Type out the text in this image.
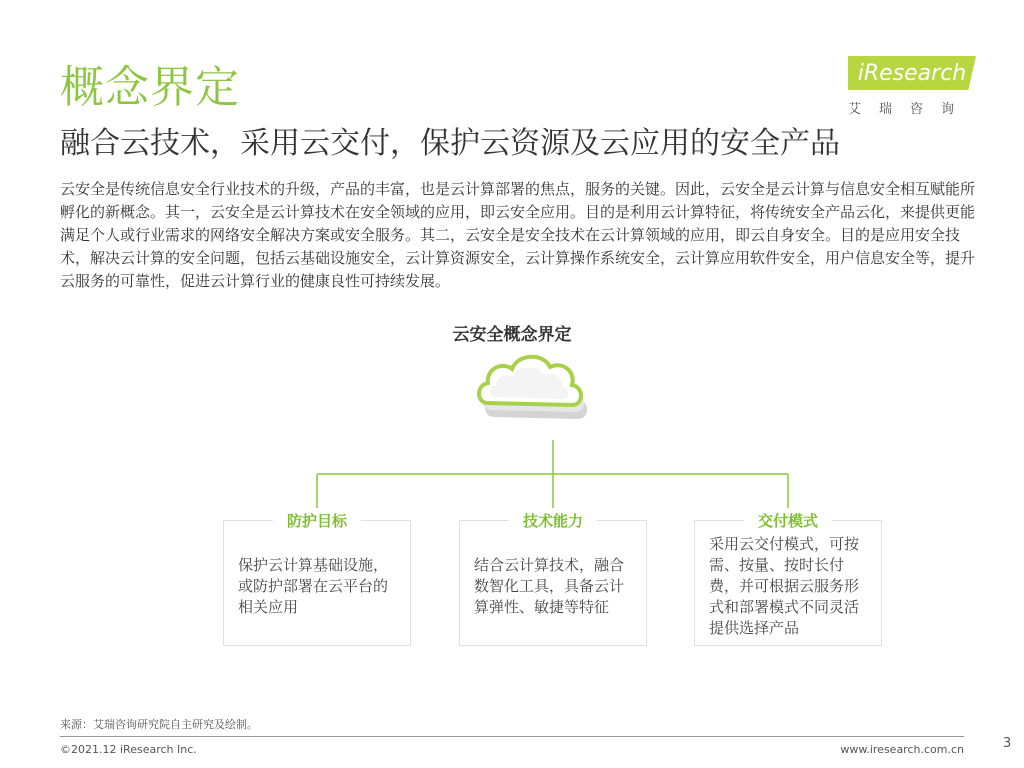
概念界定
融合云技术，采用云交付，保护云资源及云应用的安全产品
iResearch
艾瑞咨询

云安全是传统信息安全行业技术的升级，产品的丰富，也是云计算部署的焦点，服务的关键。因此，云安全是云计算与信息安全相互赋能所孵化的新概念。其一，云安全是云计算技术在安全领域的应用，即云安全应用。目的是利用云计算特征，将传统安全产品云化，来提供更能满足个人或行业需求的网络安全解决方案或安全服务。其二，云安全是安全技术在云计算领域的应用，即云自身安全。目的是应用安全技术，解决云计算的安全问题，包括云基础设施安全，云计算资源安全，云计算操作系统安全，云计算应用软件安全，用户信息安全等，提升云服务的可靠性，促进云计算行业的健康良性可持续发展。

云安全概念界定
防护目标
保护云计算基础设施，或防护部署在云平台的相关应用
技术能力
结合云计算技术，融合数智化工具，具备云计算弹性、敏捷等特征
交付模式
采用云交付模式，可按需、按量、按时长付费，并可根据云服务形式和部署模式不同灵活提供选择产品
来源：艾瑞咨询研究院自主研究及绘制。
©2021.12 iResearch Inc.	www.iresearch.com.cn	3
